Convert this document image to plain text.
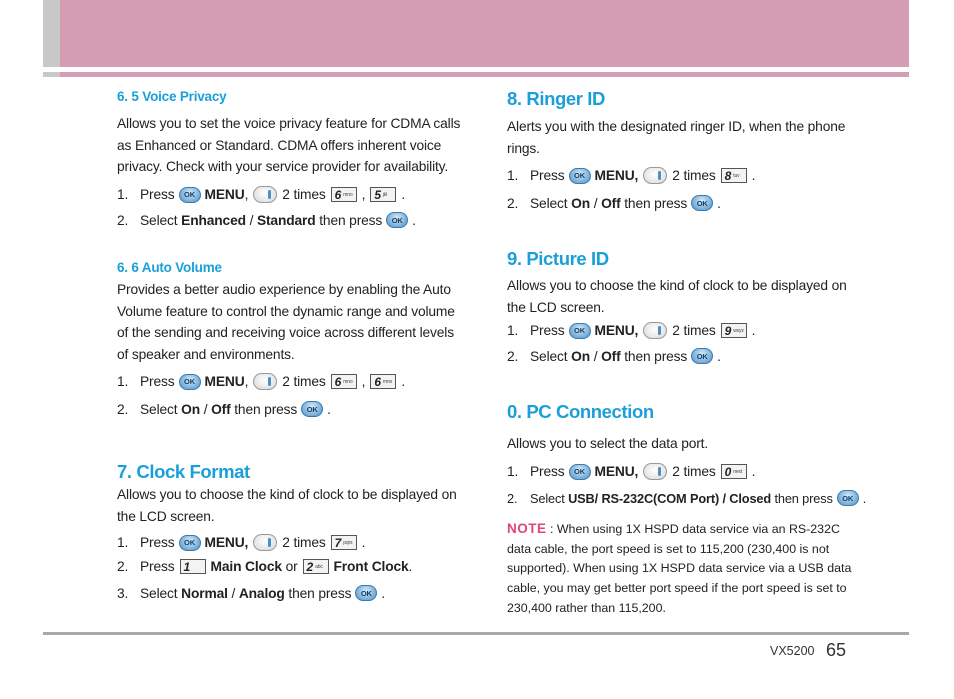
6. 5 Voice Privacy
Allows you to set the voice privacy feature for CDMA calls as Enhanced or Standard. CDMA offers inherent voice privacy. Check with your service provider for availability.
1. Press	OK MENU , 2 times 6 mno , 5 jkl .
2. Select
Enhanced
/
Standard
then press	OK .
6. 6 Auto Volume
Provides a better audio experience by enabling the Auto Volume feature to control the dynamic range and volume of the sending and receiving voice across different levels of speaker and environments.
1. Press	OK MENU , 2 times 6 mno , 6 mno .
2. Select
On
/
Off
then press	OK .
7. Clock Format
Allows you to choose the kind of clock to be displayed on the LCD screen.
1. Press	OK MENU, 2 times 7 pqrs .
2. Press 1 Main Clock
or 2 abc Front Clock .
3. Select
Normal
/
Analog
then press	OK .
8. Ringer ID
Alerts you with the designated ringer ID, when the phone rings.
1. Press	OK MENU, 2 times 8 tuv .
2. Select
On
/
Off
then press	OK .
9. Picture ID
Allows you to choose the kind of clock to be displayed on the LCD screen.
1. Press	OK MENU, 2 times 9 wxyz .
2. Select
On
/
Off
then press	OK .
0. PC Connection
Allows you to select the data port.
1. Press	OK MENU, 2 times 0 next .
2. Select
USB/ RS-232C(COM Port) / Closed
then press	OK .
NOTE : When using 1X HSPD data service via an RS-232C data cable, the port speed is set to 115,200 (230,400 is not supported). When using 1X HSPD data service via a USB data cable, you may get better port speed if the port speed is set to 230,400 rather than 115,200.
VX5200 65
